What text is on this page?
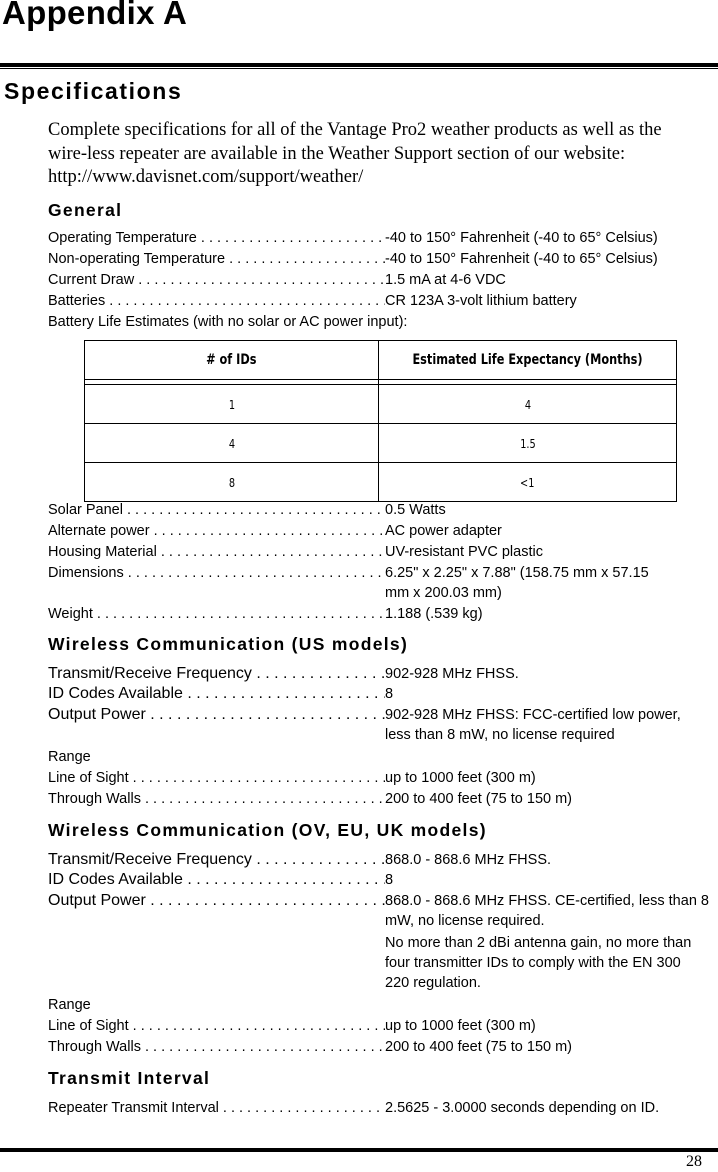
Appendix A
Specifications
Complete specifications for all of the Vantage Pro2 weather products as well as the wire-less repeater are available in the Weather Support section of our website:
http://www.davisnet.com/support/weather/
General
Operating Temperature . . .	-40 to 150° Fahrenheit (-40 to 65° Celsius)
Non-operating Temperature . . .	-40 to 150° Fahrenheit (-40 to 65° Celsius)
Current Draw . . .	1.5 mA at 4-6 VDC
Batteries . . .	CR 123A 3-volt lithium battery
Battery Life Estimates (with no solar or AC power input):
# of IDs	Estimated Life Expectancy (Months)

1	4
4	1.5
8	<1
Solar Panel . . .	0.5 Watts
Alternate power . . .	AC power adapter
Housing Material . . .	UV-resistant PVC plastic
Dimensions . . .	6.25" x 2.25" x 7.88" (158.75 mm x 57.15 mm x 200.03 mm)
Weight . . .	1.188 (.539 kg)
Wireless Communication (US models)
Transmit/Receive Frequency . . .	902-928 MHz FHSS.
ID Codes Available . . .	8
Output Power . . .	902-928 MHz FHSS: FCC-certified low power, less than 8 mW, no license required
Range
Line of Sight . . .	up to 1000 feet (300 m)
Through Walls . . .	200 to 400 feet (75 to 150 m)
Wireless Communication (OV, EU, UK models)
Transmit/Receive Frequency . . .	868.0 - 868.6 MHz FHSS.
ID Codes Available . . .	8
Output Power . . .	868.0 - 868.6 MHz FHSS. CE-certified, less than 8 mW, no license required.
No more than 2 dBi antenna gain, no more than four transmitter IDs to comply with the EN 300 220 regulation.
Range
Line of Sight . . .	up to 1000 feet (300 m)
Through Walls . . .	200 to 400 feet (75 to 150 m)
Transmit Interval
Repeater Transmit Interval . . .	2.5625 - 3.0000 seconds depending on ID.
28
